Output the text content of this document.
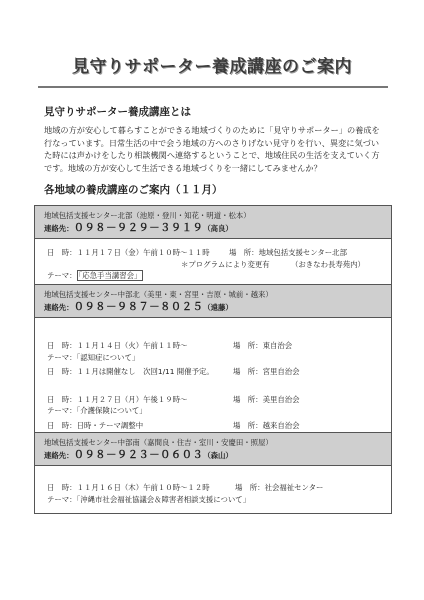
見守りサポーター養成講座のご案内
見守りサポーター養成講座とは

地域の方が安心して暮らすことができる地域づくりのために「見守りサポーター」の養成を

行なっています。日常生活の中で会う地域の方へのさりげない見守りを行い、異変に気づい

た時には声かけをしたり相談機関へ連絡するということで、地域住民の生活を支えていく方

です。地域の方が安心して生活できる地域づくりを一緒にしてみませんか？

各地域の養成講座のご案内（１１月）
地域包括支援センター北部（池原・登川・知花・明道・松本）
連絡先：０９８－９２９－３９１９（高良）
日　時：１１月１７日（金）午前１０時～１１時	場　所：地域包括支援センター北部
＊プログラムにより変更有	（おきなわ長寿苑内）
テーマ： 「応急手当講習会」
地域包括支援センター中部北（美里・東・宮里・吉原・城前・越来）
連絡先：０９８－９８７－８０２５（遠藤）
日　時：１１月１４日（火）午前１１時～	場　所：東自治会
テーマ：「認知症について」
日　時：１１月は開催なし　次回1/11 開催予定。	場　所：宮里自治会
日　時：１１月２７日（月）午後１９時～	場　所：美里自治会
テーマ：「介護保険について」
日　時：日時・テーマ調整中	場　所：越来自治会
地域包括支援センター中部南（嘉間良・住吉・室川・安慶田・照屋）
連絡先：０９８－９２３－０６０３（森山）
日　時：１１月１６日（木）午前１０時～１２時	場　所：社会福祉センター
テーマ：「沖縄市社会福祉協議会＆障害者相談支援について」
